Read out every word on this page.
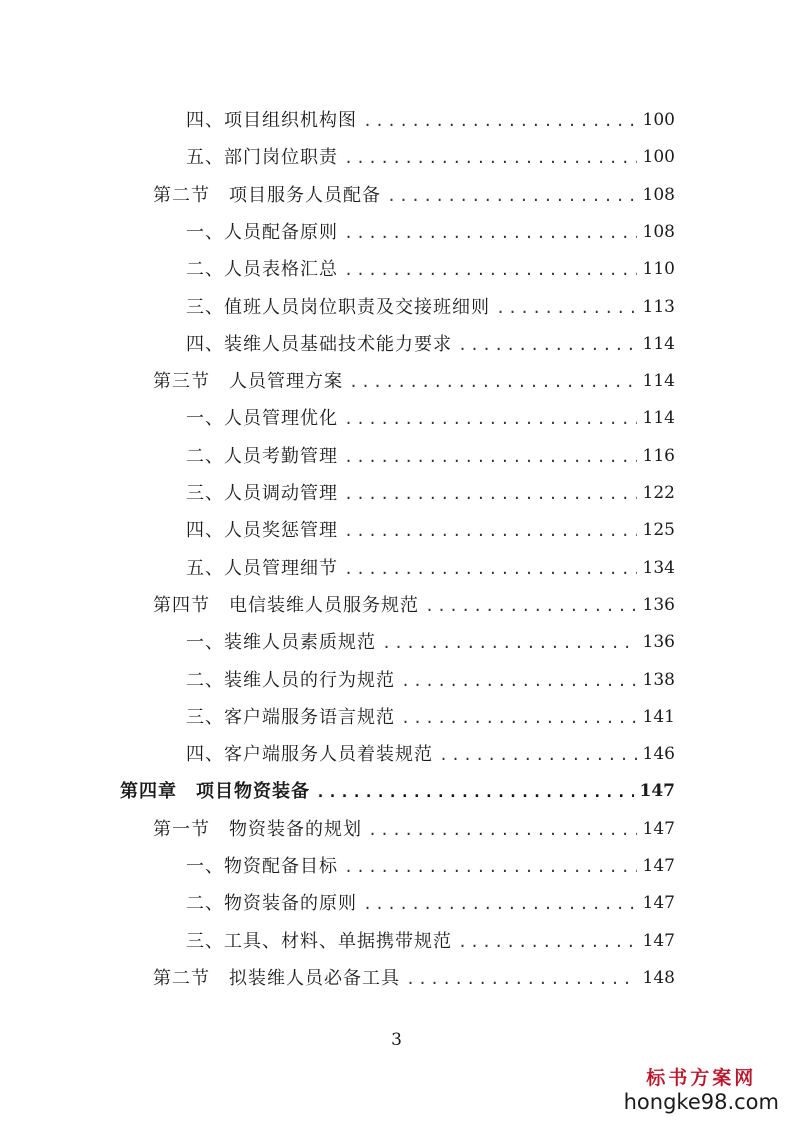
四、项目组织机构图 .....	100
五、部门岗位职责 .....	100
第二节　项目服务人员配备 .....	108
一、人员配备原则 .....	108
二、人员表格汇总 .....	110
三、值班人员岗位职责及交接班细则 .....	113
四、装维人员基础技术能力要求 .....	114
第三节　人员管理方案 .....	114
一、人员管理优化 .....	114
二、人员考勤管理 .....	116
三、人员调动管理 .....	122
四、人员奖惩管理 .....	125
五、人员管理细节 .....	134
第四节　电信装维人员服务规范 .....	136
一、装维人员素质规范 .....	136
二、装维人员的行为规范 .....	138
三、客户端服务语言规范 .....	141
四、客户端服务人员着装规范 .....	146
第四章　项目物资装备 .....	147
第一节　物资装备的规划 .....	147
一、物资配备目标 .....	147
二、物资装备的原则 .....	147
三、工具、材料、单据携带规范 .....	147
第二节　拟装维人员必备工具 .....	148
3
标书方案网
hongke98.com
